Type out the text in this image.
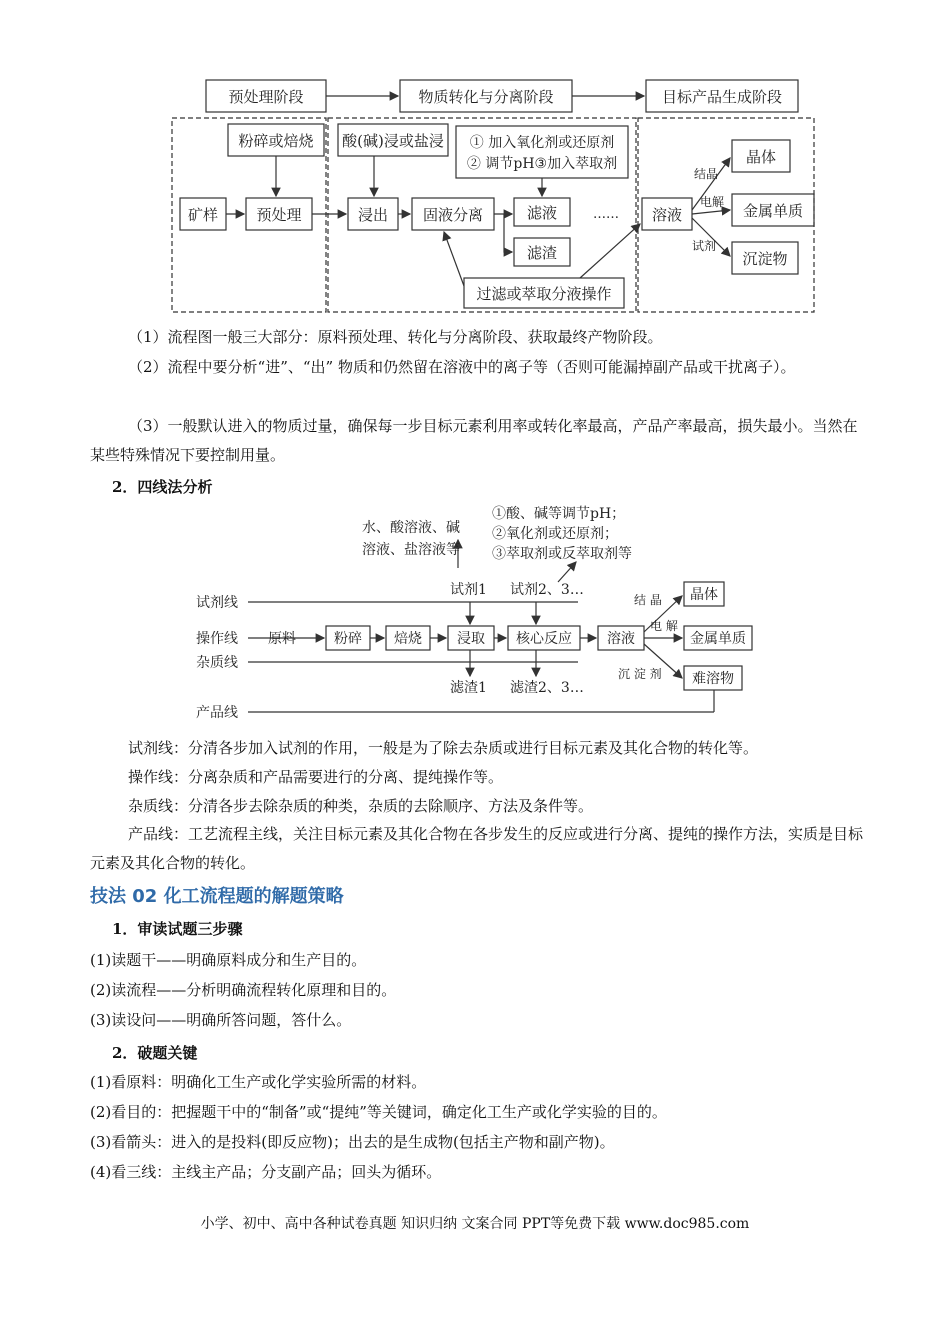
预处理阶段	物质转化与分离阶段	目标产品生成阶段
粉碎或焙烧 酸(碱)浸或盐浸 ① 加入氧化剂或还原剂
② 调节pH③加入萃取剂
矿样	预处理	浸出 固液分离	滤液	……
滤渣
溶液
过滤或萃取分液操作
晶体
金属单质
沉淀物
结晶
电解
试剂

（1）流程图一般三大部分：原料预处理、转化与分离阶段、获取最终产物阶段。

（2）流程中要分析“进”、“出” 物质和仍然留在溶液中的离子等（否则可能漏掉副产品或干扰离子）。

（3）一般默认进入的物质过量，确保每一步目标元素利用率或转化率最高，产品产率最高，损失最小。当然在某些特殊情况下要控制用量。

2．四线法分析

试剂线
操作线
杂质线
产品线
水、酸溶液、碱
溶液、盐溶液等
①酸、碱等调节pH；
②氧化剂或还原剂；
③萃取剂或反萃取剂等
试剂1 试剂2、3…
原料	粉碎 焙烧	浸取 核心反应	溶液
滤渣1 滤渣2、3…
结 晶
电 解
沉 淀 剂
晶体
金属单质
难溶物

试剂线：分清各步加入试剂的作用，一般是为了除去杂质或进行目标元素及其化合物的转化等。

操作线：分离杂质和产品需要进行的分离、提纯操作等。

杂质线：分清各步去除杂质的种类，杂质的去除顺序、方法及条件等。

产品线：工艺流程主线，关注目标元素及其化合物在各步发生的反应或进行分离、提纯的操作方法，实质是目标元素及其化合物的转化。

技法 02 化工流程题的解题策略

1．审读试题三步骤

(1)读题干——明确原料成分和生产目的。

(2)读流程——分析明确流程转化原理和目的。

(3)读设问——明确所答问题，答什么。

2．破题关键

(1)看原料：明确化工生产或化学实验所需的材料。

(2)看目的：把握题干中的“制备”或“提纯”等关键词，确定化工生产或化学实验的目的。

(3)看箭头：进入的是投料(即反应物)；出去的是生成物(包括主产物和副产物)。

(4)看三线：主线主产品；分支副产品；回头为循环。

小学、初中、高中各种试卷真题 知识归纳 文案合同 PPT等免费下载 www.doc985.com
